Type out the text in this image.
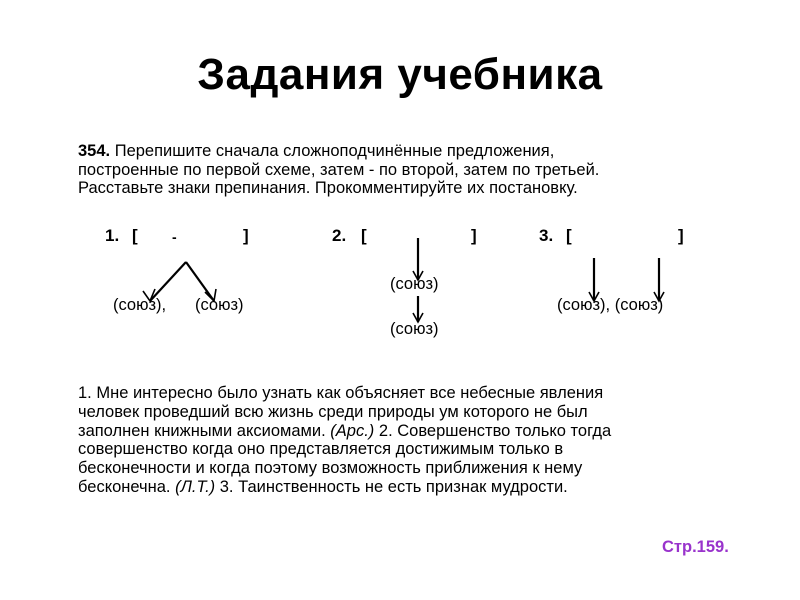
Задания учебника
354. Перепишите сначала сложноподчинённые предложения,
построенные по первой схеме, затем - по второй, затем по третьей.
Расставьте знаки препинания. Прокомментируйте их постановку.
1. [ -	]
(союз), (союз)
2. [	]
(союз)
(союз)
3. [	]
(союз), (союз)
1. Мне интересно было узнать как объясняет все небесные явления
человек проведший всю жизнь среди природы ум которого не был
заполнен книжными аксиомами. (Арс.) 2. Совершенство только тогда
совершенство когда оно представляется достижимым только в
бесконечности и когда поэтому возможность приближения к нему
бесконечна. (Л.Т.) 3. Таинственность не есть признак мудрости.
Стр.159.
